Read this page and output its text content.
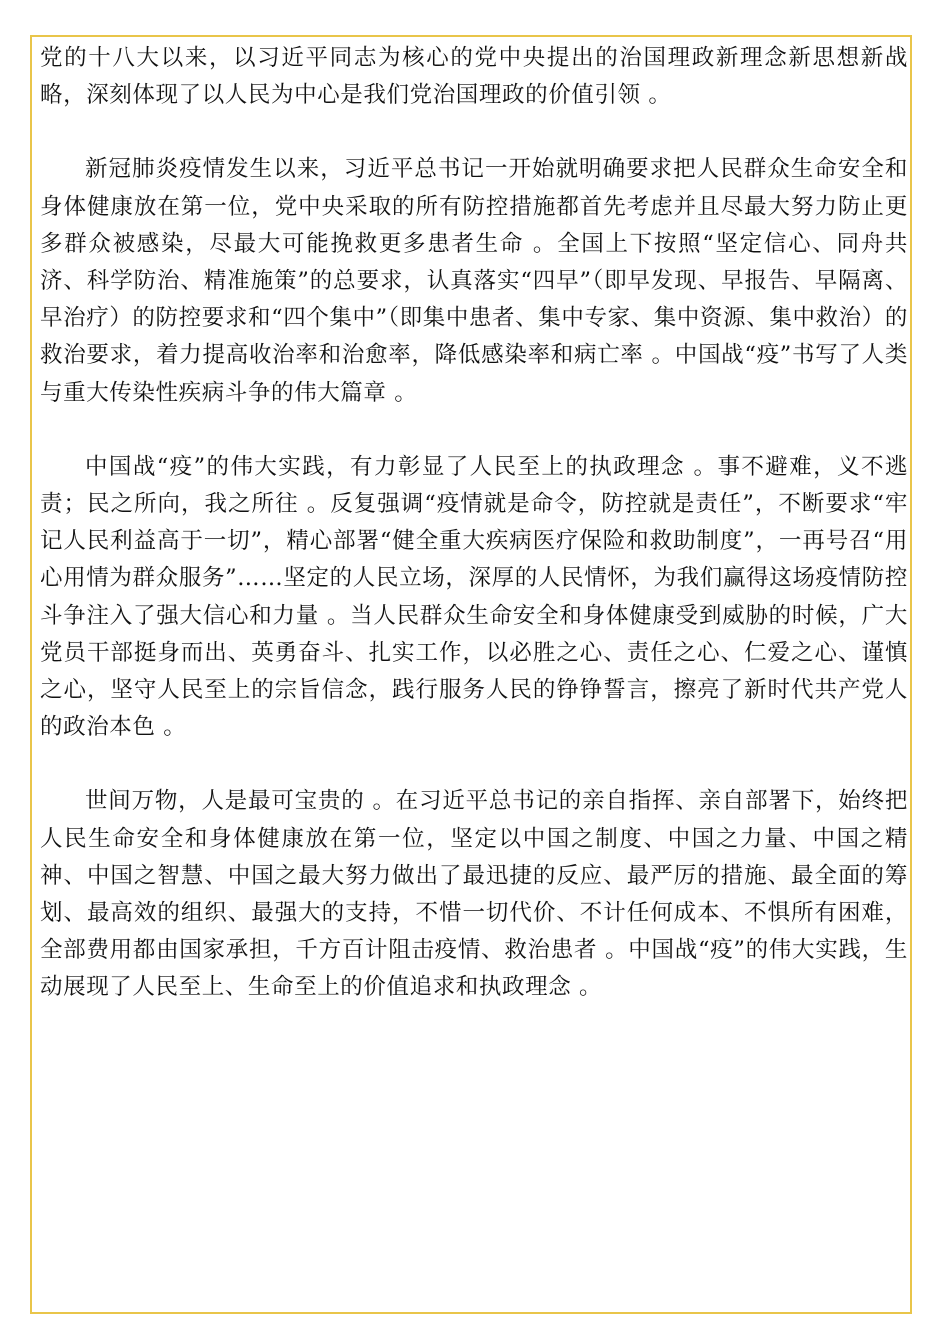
党的十八大以来，以习近平同志为核心的党中央提出的治国理政新理念新思想新战略，深刻体现了以人民为中心是我们党治国理政的价值引领 。

新冠肺炎疫情发生以来，习近平总书记一开始就明确要求把人民群众生命安全和身体健康放在第一位，党中央采取的所有防控措施都首先考虑并且尽最大努力防止更多群众被感染，尽最大可能挽救更多患者生命 。全国上下按照“坚定信心、同舟共济、科学防治、精准施策”的总要求，认真落实“四早”（即早发现、早报告、早隔离、早治疗）的防控要求和“四个集中”（即集中患者、集中专家、集中资源、集中救治）的救治要求，着力提高收治率和治愈率，降低感染率和病亡率 。中国战“疫”书写了人类与重大传染性疾病斗争的伟大篇章 。

中国战“疫”的伟大实践，有力彰显了人民至上的执政理念 。事不避难，义不逃责；民之所向，我之所往 。反复强调“疫情就是命令，防控就是责任”，不断要求“牢记人民利益高于一切”，精心部署“健全重大疾病医疗保险和救助制度”，一再号召“用心用情为群众服务”……坚定的人民立场，深厚的人民情怀，为我们赢得这场疫情防控斗争注入了强大信心和力量 。当人民群众生命安全和身体健康受到威胁的时候，广大党员干部挺身而出、英勇奋斗、扎实工作，以必胜之心、责任之心、仁爱之心、谨慎之心，坚守人民至上的宗旨信念，践行服务人民的铮铮誓言，擦亮了新时代共产党人的政治本色 。

世间万物，人是最可宝贵的 。在习近平总书记的亲自指挥、亲自部署下，始终把人民生命安全和身体健康放在第一位，坚定以中国之制度、中国之力量、中国之精神、中国之智慧、中国之最大努力做出了最迅捷的反应、最严厉的措施、最全面的筹划、最高效的组织、最强大的支持，不惜一切代价、不计任何成本、不惧所有困难，全部费用都由国家承担，千方百计阻击疫情、救治患者 。中国战“疫”的伟大实践，生动展现了人民至上、生命至上的价值追求和执政理念 。
